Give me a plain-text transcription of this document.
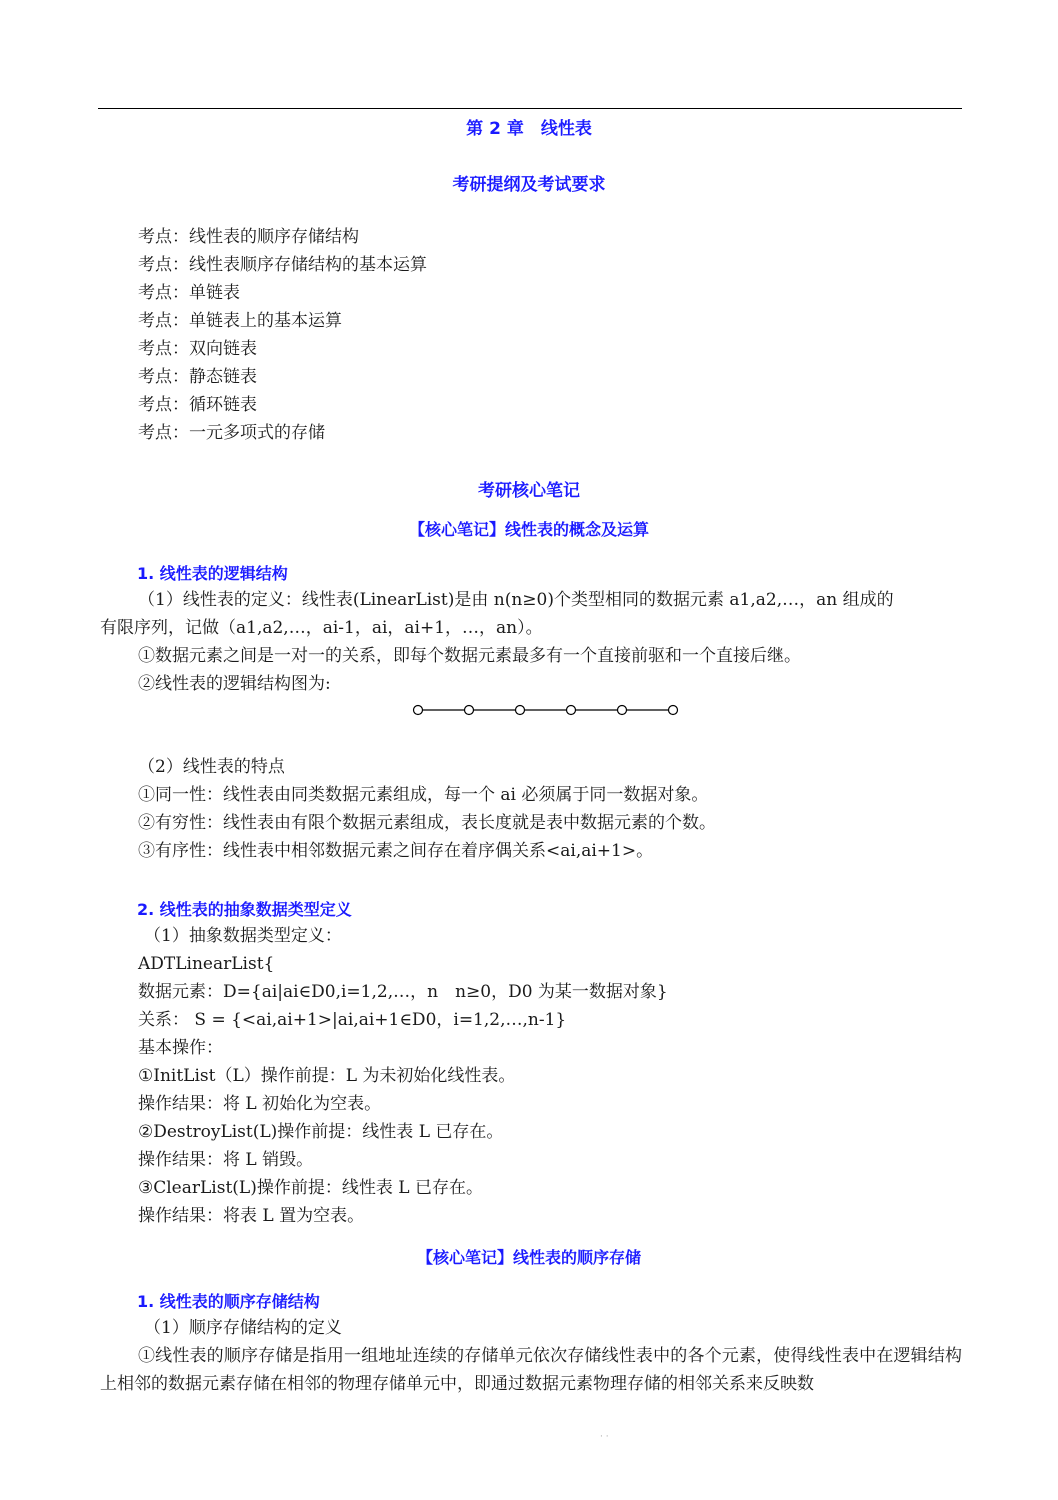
第 2 章　线性表
考研提纲及考试要求
考点：线性表的顺序存储结构
考点：线性表顺序存储结构的基本运算
考点：单链表
考点：单链表上的基本运算
考点：双向链表
考点：静态链表
考点：循环链表
考点：一元多项式的存储
考研核心笔记
【核心笔记】线性表的概念及运算
1. 线性表的逻辑结构
（1）线性表的定义：线性表(LinearList)是由 n(n≥0)个类型相同的数据元素 a1,a2,…，an 组成的
有限序列，记做（a1,a2,…，ai-1，ai，ai+1，…，an）。
①数据元素之间是一对一的关系，即每个数据元素最多有一个直接前驱和一个直接后继。
②线性表的逻辑结构图为:
（2）线性表的特点
①同一性：线性表由同类数据元素组成，每一个 ai 必须属于同一数据对象。
②有穷性：线性表由有限个数据元素组成，表长度就是表中数据元素的个数。
③有序性：线性表中相邻数据元素之间存在着序偶关系<ai,ai+1>。
2. 线性表的抽象数据类型定义
（1）抽象数据类型定义：
ADTLinearList{
数据元素：D={ai|ai∈D0,i=1,2,…，n　n≥0，D0 为某一数据对象}
关系： S = {<ai,ai+1>|ai,ai+1∈D0，i=1,2,…,n-1}
基本操作：
①InitList（L）操作前提：L 为未初始化线性表。
操作结果：将 L 初始化为空表。
②DestroyList(L)操作前提：线性表 L 已存在。
操作结果：将 L 销毁。
③ClearList(L)操作前提：线性表 L 已存在。
操作结果：将表 L 置为空表。
【核心笔记】线性表的顺序存储
1. 线性表的顺序存储结构
（1）顺序存储结构的定义
①线性表的顺序存储是指用一组地址连续的存储单元依次存储线性表中的各个元素，使得线性表中在逻辑结构上相邻的数据元素存储在相邻的物理存储单元中，即通过数据元素物理存储的相邻关系来反映数
· ·
